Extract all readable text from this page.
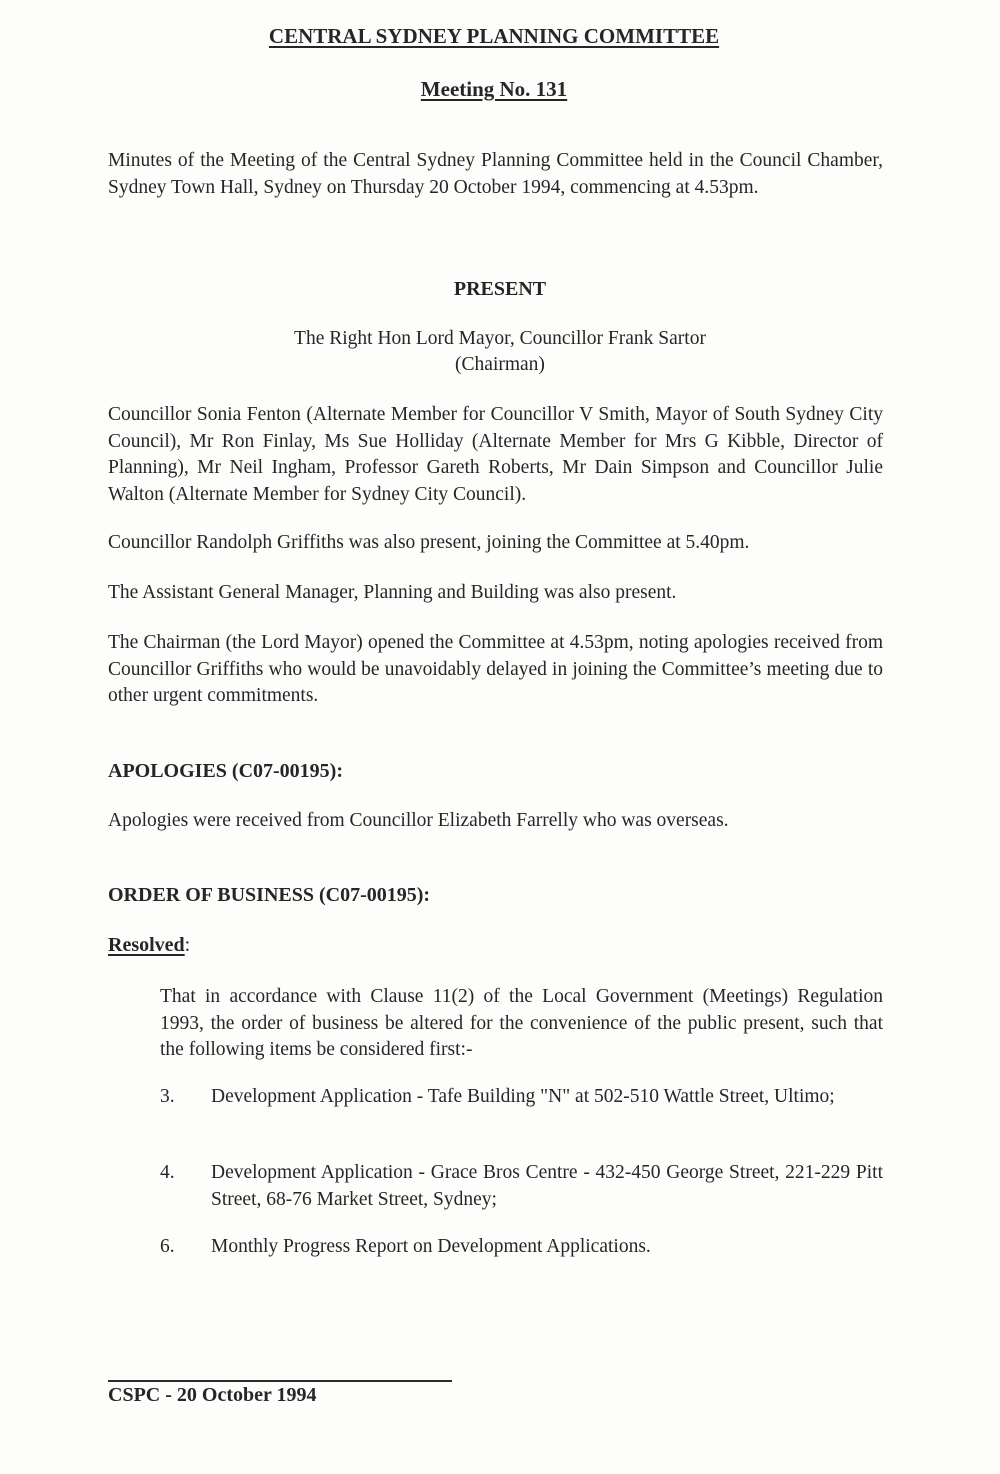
CENTRAL SYDNEY PLANNING COMMITTEE

Meeting No. 131

Minutes of the Meeting of the Central Sydney Planning Committee held in the Council Chamber, Sydney Town Hall, Sydney on Thursday 20 October 1994, commencing at 4.53pm.

PRESENT

The Right Hon Lord Mayor, Councillor Frank Sartor

(Chairman)

Councillor Sonia Fenton (Alternate Member for Councillor V Smith, Mayor of South Sydney City Council), Mr Ron Finlay, Ms Sue Holliday (Alternate Member for Mrs G Kibble, Director of Planning), Mr Neil Ingham, Professor Gareth Roberts, Mr Dain Simpson and Councillor Julie Walton (Alternate Member for Sydney City Council).

Councillor Randolph Griffiths was also present, joining the Committee at 5.40pm.

The Assistant General Manager, Planning and Building was also present.

The Chairman (the Lord Mayor) opened the Committee at 4.53pm, noting apologies received from Councillor Griffiths who would be unavoidably delayed in joining the Committee’s meeting due to other urgent commitments.

APOLOGIES (C07-00195):

Apologies were received from Councillor Elizabeth Farrelly who was overseas.

ORDER OF BUSINESS (C07-00195):

Resolved:

That in accordance with Clause 11(2) of the Local Government (Meetings) Regulation 1993, the order of business be altered for the convenience of the public present, such that the following items be considered first:-

3. Development Application - Tafe Building "N" at 502-510 Wattle Street, Ultimo;

4. Development Application - Grace Bros Centre - 432-450 George Street, 221-229 Pitt Street, 68-76 Market Street, Sydney;

6. Monthly Progress Report on Development Applications.

CSPC - 20 October 1994
